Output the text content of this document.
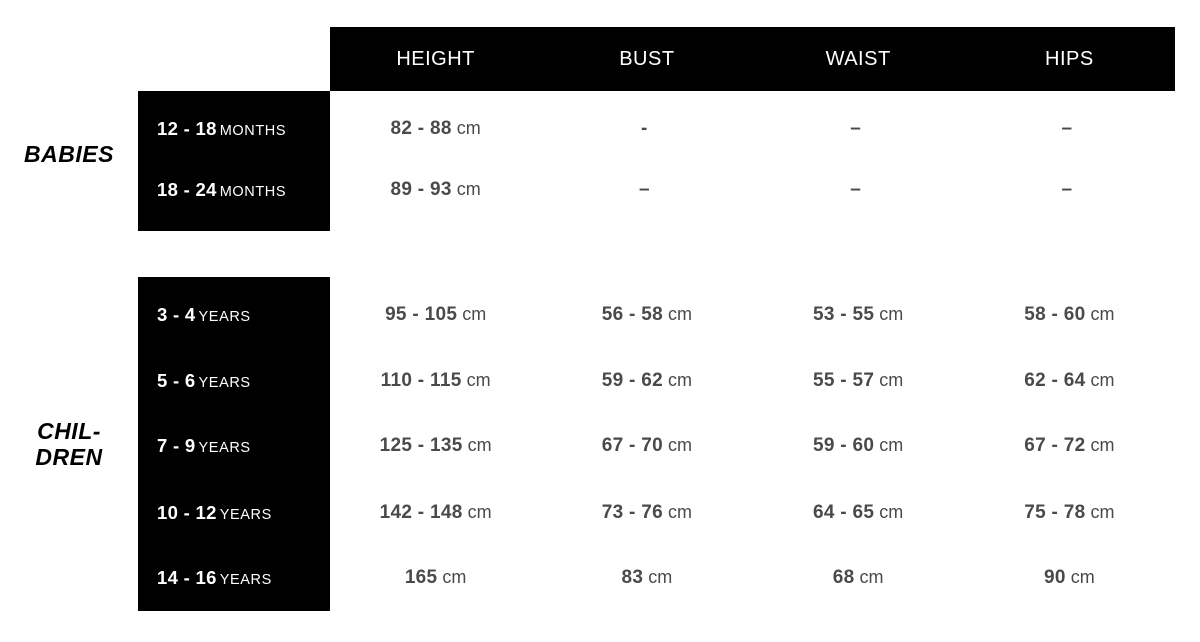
HEIGHT	BUST	WAIST	HIPS
BABIES
CHIL-
DREN
12 - 18 MONTHS	82 - 88 cm	-	–	–
18 - 24 MONTHS	89 - 93 cm	–	–	–
3 - 4 YEARS	95 - 105 cm	56 - 58 cm	53 - 55 cm	58 - 60 cm
5 - 6 YEARS	110 - 115 cm	59 - 62 cm	55 - 57 cm	62 - 64 cm
7 - 9 YEARS	125 - 135 cm	67 - 70 cm	59 - 60 cm	67 - 72 cm
10 - 12 YEARS	142 - 148 cm	73 - 76 cm	64 - 65 cm	75 - 78 cm
14 - 16 YEARS	165 cm	83 cm	68 cm	90 cm
